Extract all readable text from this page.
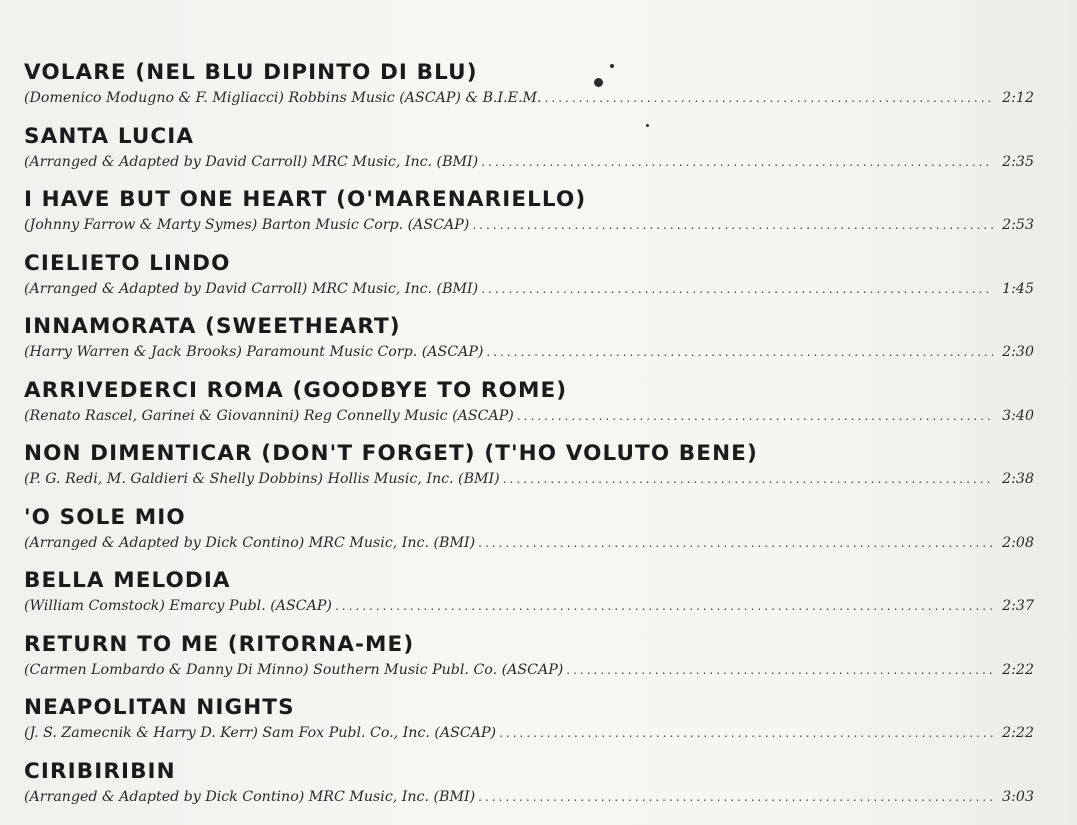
VOLARE (NEL BLU DIPINTO DI BLU)
(Domenico Modugno & F. Migliacci) Robbins Music (ASCAP) & B.I.E.M. .....	2:12
SANTA LUCIA
(Arranged & Adapted by David Carroll) MRC Music, Inc. (BMI) .....	2:35
I HAVE BUT ONE HEART (O'MARENARIELLO)
(Johnny Farrow & Marty Symes) Barton Music Corp. (ASCAP) .....	2:53
CIELIETO LINDO
(Arranged & Adapted by David Carroll) MRC Music, Inc. (BMI) .....	1:45
INNAMORATA (SWEETHEART)
(Harry Warren & Jack Brooks) Paramount Music Corp. (ASCAP) .....	2:30
ARRIVEDERCI ROMA (GOODBYE TO ROME)
(Renato Rascel, Garinei & Giovannini) Reg Connelly Music (ASCAP) .....	3:40
NON DIMENTICAR (DON'T FORGET) (T'HO VOLUTO BENE)
(P. G. Redi, M. Galdieri & Shelly Dobbins) Hollis Music, Inc. (BMI) .....	2:38
'O SOLE MIO
(Arranged & Adapted by Dick Contino) MRC Music, Inc. (BMI) .....	2:08
BELLA MELODIA
(William Comstock) Emarcy Publ. (ASCAP) .....	2:37
RETURN TO ME (RITORNA-ME)
(Carmen Lombardo & Danny Di Minno) Southern Music Publ. Co. (ASCAP) .....	2:22
NEAPOLITAN NIGHTS
(J. S. Zamecnik & Harry D. Kerr) Sam Fox Publ. Co., Inc. (ASCAP) .....	2:22
CIRIBIRIBIN
(Arranged & Adapted by Dick Contino) MRC Music, Inc. (BMI) .....	3:03
